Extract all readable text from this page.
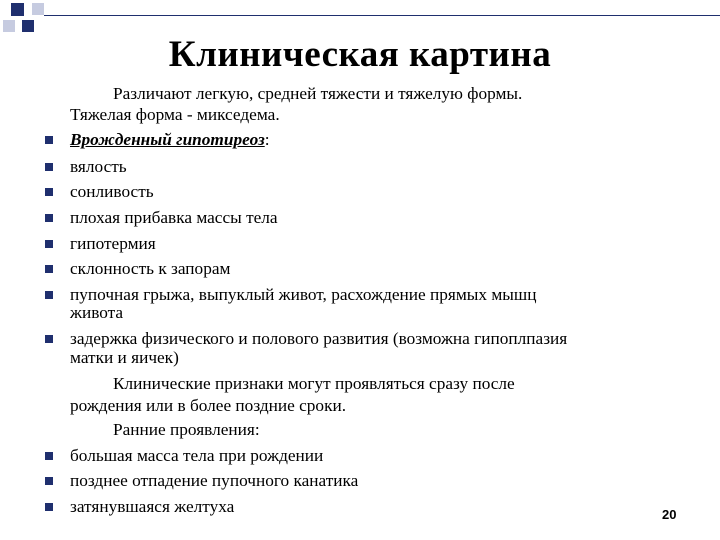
Клиническая картина
Различают легкую, средней тяжести и тяжелую формы.
Тяжелая форма - микседема.
Врожденный гипотиреоз:
вялость
сонливость
плохая прибавка массы тела
гипотермия
склонность к запорам
пупочная грыжа, выпуклый живот, расхождение прямых мышц
живота
задержка физического и полового развития (возможна гипоплпазия
матки и яичек)
Клинические признаки могут проявляться сразу после
рождения или в более поздние сроки.
Ранние проявления:
большая масса тела при рождении
позднее отпадение пупочного канатика
затянувшаяся желтуха	20
